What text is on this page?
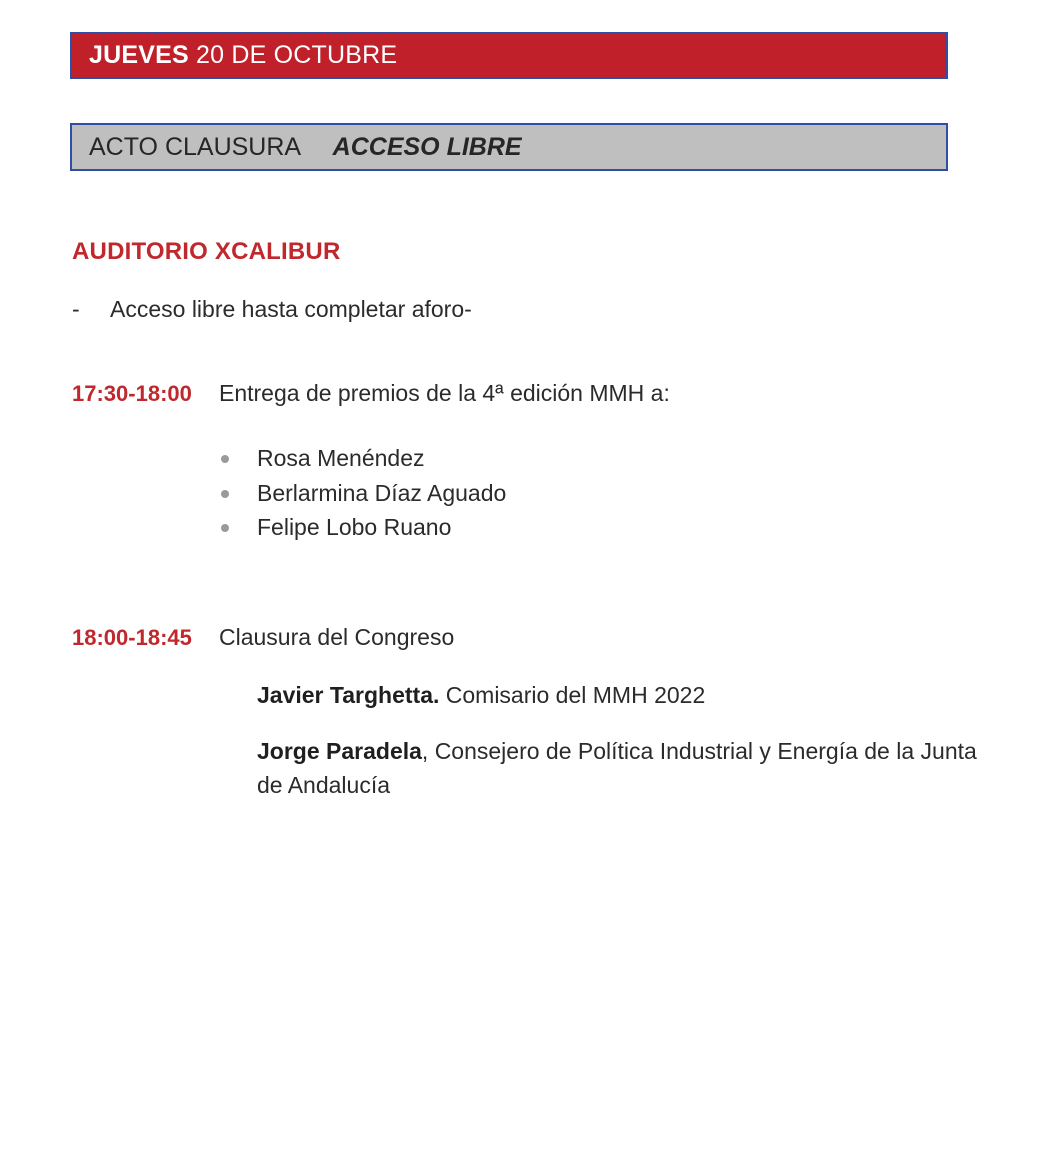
JUEVES 20 DE OCTUBRE
ACTO CLAUSURA ACCESO LIBRE
AUDITORIO XCALIBUR
- Acceso libre hasta completar aforo-
17:30-18:00 Entrega de premios de la 4ª edición MMH a:
Rosa Menéndez
Berlarmina Díaz Aguado
Felipe Lobo Ruano
18:00-18:45 Clausura del Congreso
Javier Targhetta. Comisario del MMH 2022
Jorge Paradela, Consejero de Política Industrial y Energía de la Junta
de Andalucía
